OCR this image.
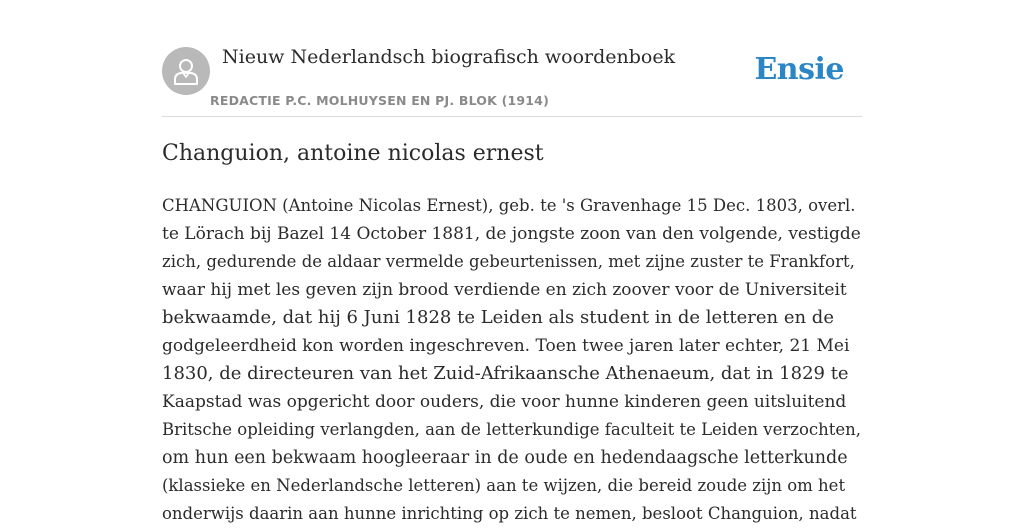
Nieuw Nederlandsch biografisch woordenboek
REDACTIE P.C. MOLHUYSEN EN PJ. BLOK (1914)
Ensie
Changuion, antoine nicolas ernest

CHANGUION (Antoine Nicolas Ernest), geb. te 's Gravenhage 15 Dec. 1803, overl.
te Lörach bij Bazel 14 October 1881, de jongste zoon van den volgende, vestigde
zich, gedurende de aldaar vermelde gebeurtenissen, met zijne zuster te Frankfort,
waar hij met les geven zijn brood verdiende en zich zoover voor de Universiteit
bekwaamde, dat hij 6 Juni 1828 te Leiden als student in de letteren en de
godgeleerdheid kon worden ingeschreven. Toen twee jaren later echter, 21 Mei
1830, de directeuren van het Zuid-Afrikaansche Athenaeum, dat in 1829 te
Kaapstad was opgericht door ouders, die voor hunne kinderen geen uitsluitend
Britsche opleiding verlangden, aan de letterkundige faculteit te Leiden verzochten,
om hun een bekwaam hoogleeraar in de oude en hedendaagsche letterkunde
(klassieke en Nederlandsche letteren) aan te wijzen, die bereid zoude zijn om het
onderwijs daarin aan hunne inrichting op zich te nemen, besloot Changuion, nadat
